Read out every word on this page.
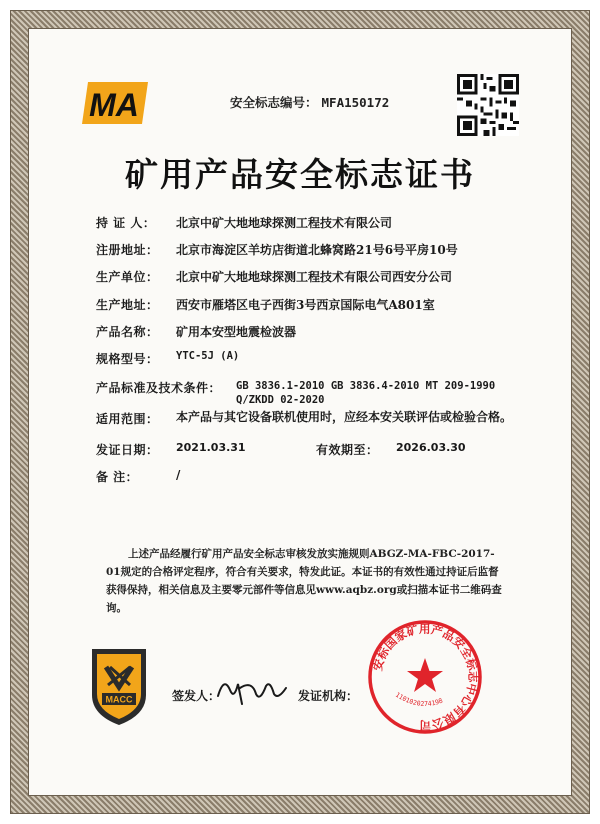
MA	安全标志编号： MFA150172
矿用产品安全标志证书
持 证 人： 北京中矿大地地球探测工程技术有限公司
注册地址： 北京市海淀区羊坊店街道北蜂窝路21号6号平房10号
生产单位： 北京中矿大地地球探测工程技术有限公司西安分公司
生产地址： 西安市雁塔区电子西街3号西京国际电气A801室
产品名称： 矿用本安型地震检波器
规格型号： YTC-5J (A)
产品标准及技术条件： GB 3836.1-2010 GB 3836.4-2010 MT 209-1990 Q/ZKDD 02-2020
适用范围： 本产品与其它设备联机使用时，应经本安关联评估或检验合格。
发证日期： 2021.03.31	有效期至： 2026.03.30
备 注：	/

上述产品经履行矿用产品安全标志审核发放实施规则ABGZ-MA-FBC-2017-01规定的合格评定程序，符合有关要求，特发此证。本证书的有效性通过持证后监督获得保持，相关信息及主要零元部件等信息见www.aqbz.org或扫描本证书二维码查询。

MACC	签发人：	发证机构：
安标国家矿用产品安全标志中心有限公司
1101020274198
